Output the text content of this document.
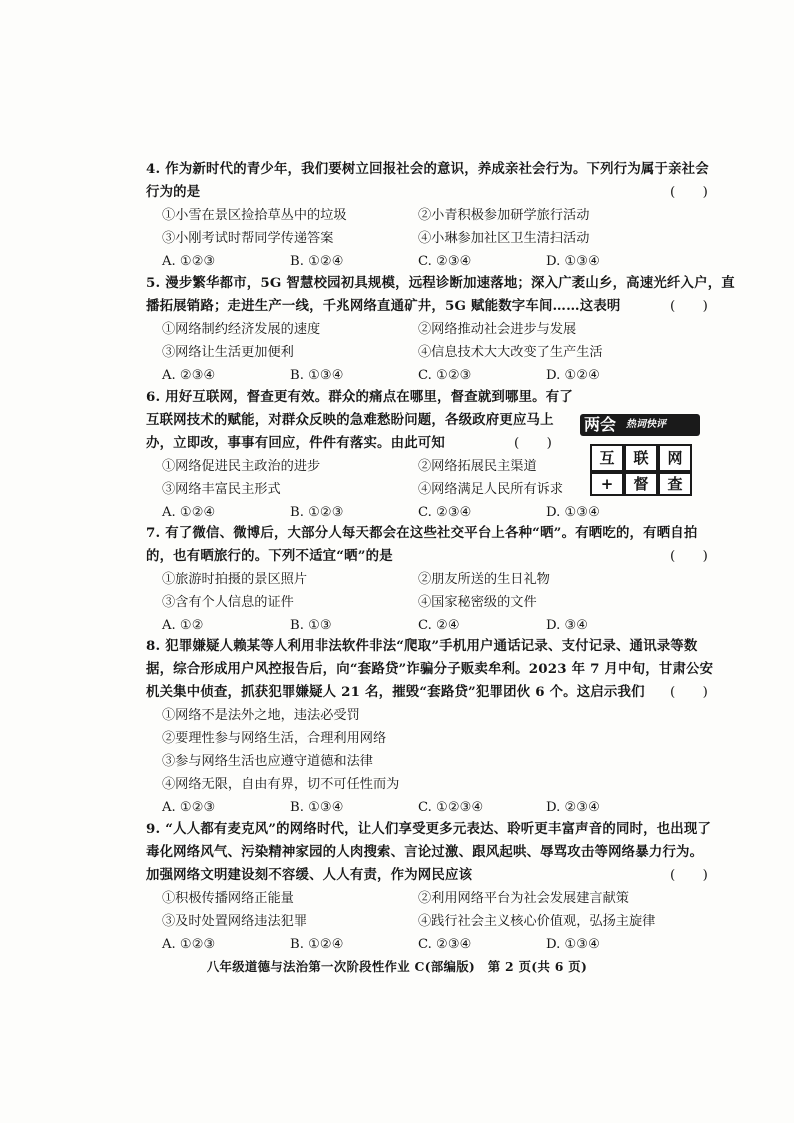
4. 作为新时代的青少年，我们要树立回报社会的意识，养成亲社会行为。下列行为属于亲社会
行为的是	(　　)
①小雪在景区捡拾草丛中的垃圾	②小青积极参加研学旅行活动
③小刚考试时帮同学传递答案	④小琳参加社区卫生清扫活动
A. ①②③	B. ①②④	C. ②③④	D. ①③④
5. 漫步繁华都市，5G 智慧校园初具规模，远程诊断加速落地；深入广袤山乡，高速光纤入户，直
播拓展销路；走进生产一线，千兆网络直通矿井，5G 赋能数字车间……这表明	(　　)
①网络制约经济发展的速度	②网络推动社会进步与发展
③网络让生活更加便利	④信息技术大大改变了生产生活
A. ②③④	B. ①③④	C. ①②③	D. ①②④
6. 用好互联网，督查更有效。群众的痛点在哪里，督查就到哪里。有了
互联网技术的赋能，对群众反映的急难愁盼问题，各级政府更应马上
办，立即改，事事有回应，件件有落实。由此可知	(　　)
①网络促进民主政治的进步	②网络拓展民主渠道
③网络丰富民主形式	④网络满足人民所有诉求
A. ①②④	B. ①②③	C. ②③④	D. ①③④
两会 热词快评
互	联	网
+	督	查
7. 有了微信、微博后，大部分人每天都会在这些社交平台上各种“晒”。有晒吃的，有晒自拍
的，也有晒旅行的。下列不适宜“晒”的是	(　　)
①旅游时拍摄的景区照片	②朋友所送的生日礼物
③含有个人信息的证件	④国家秘密级的文件
A. ①②	B. ①③	C. ②④	D. ③④
8. 犯罪嫌疑人赖某等人利用非法软件非法“爬取”手机用户通话记录、支付记录、通讯录等数
据，综合形成用户风控报告后，向“套路贷”诈骗分子贩卖牟利。2023 年 7 月中旬，甘肃公安
机关集中侦查，抓获犯罪嫌疑人 21 名，摧毁“套路贷”犯罪团伙 6 个。这启示我们 (　　)
①网络不是法外之地，违法必受罚
②要理性参与网络生活，合理利用网络
③参与网络生活也应遵守道德和法律
④网络无限，自由有界，切不可任性而为
A. ①②③	B. ①③④	C. ①②③④	D. ②③④
9. “人人都有麦克风”的网络时代，让人们享受更多元表达、聆听更丰富声音的同时，也出现了
毒化网络风气、污染精神家园的人肉搜索、言论过激、跟风起哄、辱骂攻击等网络暴力行为。
加强网络文明建设刻不容缓、人人有责，作为网民应该	(　　)
①积极传播网络正能量	②利用网络平台为社会发展建言献策
③及时处置网络违法犯罪	④践行社会主义核心价值观，弘扬主旋律
A. ①②③	B. ①②④	C. ②③④	D. ①③④
八年级道德与法治第一次阶段性作业 C(部编版)　第 2 页(共 6 页)
